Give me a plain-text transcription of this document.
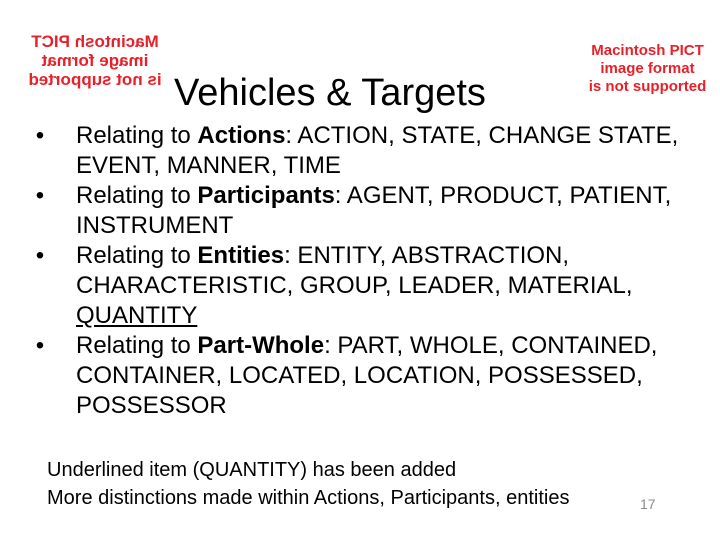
Macintosh PICT
image format
is not supported
Macintosh PICT
image format
is not supported
Vehicles & Targets
• Relating to Actions: ACTION, STATE, CHANGE STATE, EVENT, MANNER, TIME
• Relating to Participants: AGENT, PRODUCT, PATIENT, INSTRUMENT
• Relating to Entities: ENTITY, ABSTRACTION, CHARACTERISTIC, GROUP, LEADER, MATERIAL, QUANTITY
• Relating to Part-Whole: PART, WHOLE, CONTAINED, CONTAINER, LOCATED, LOCATION, POSSESSED, POSSESSOR
Underlined item (QUANTITY) has been added
More distinctions made within Actions, Participants, entities	17
